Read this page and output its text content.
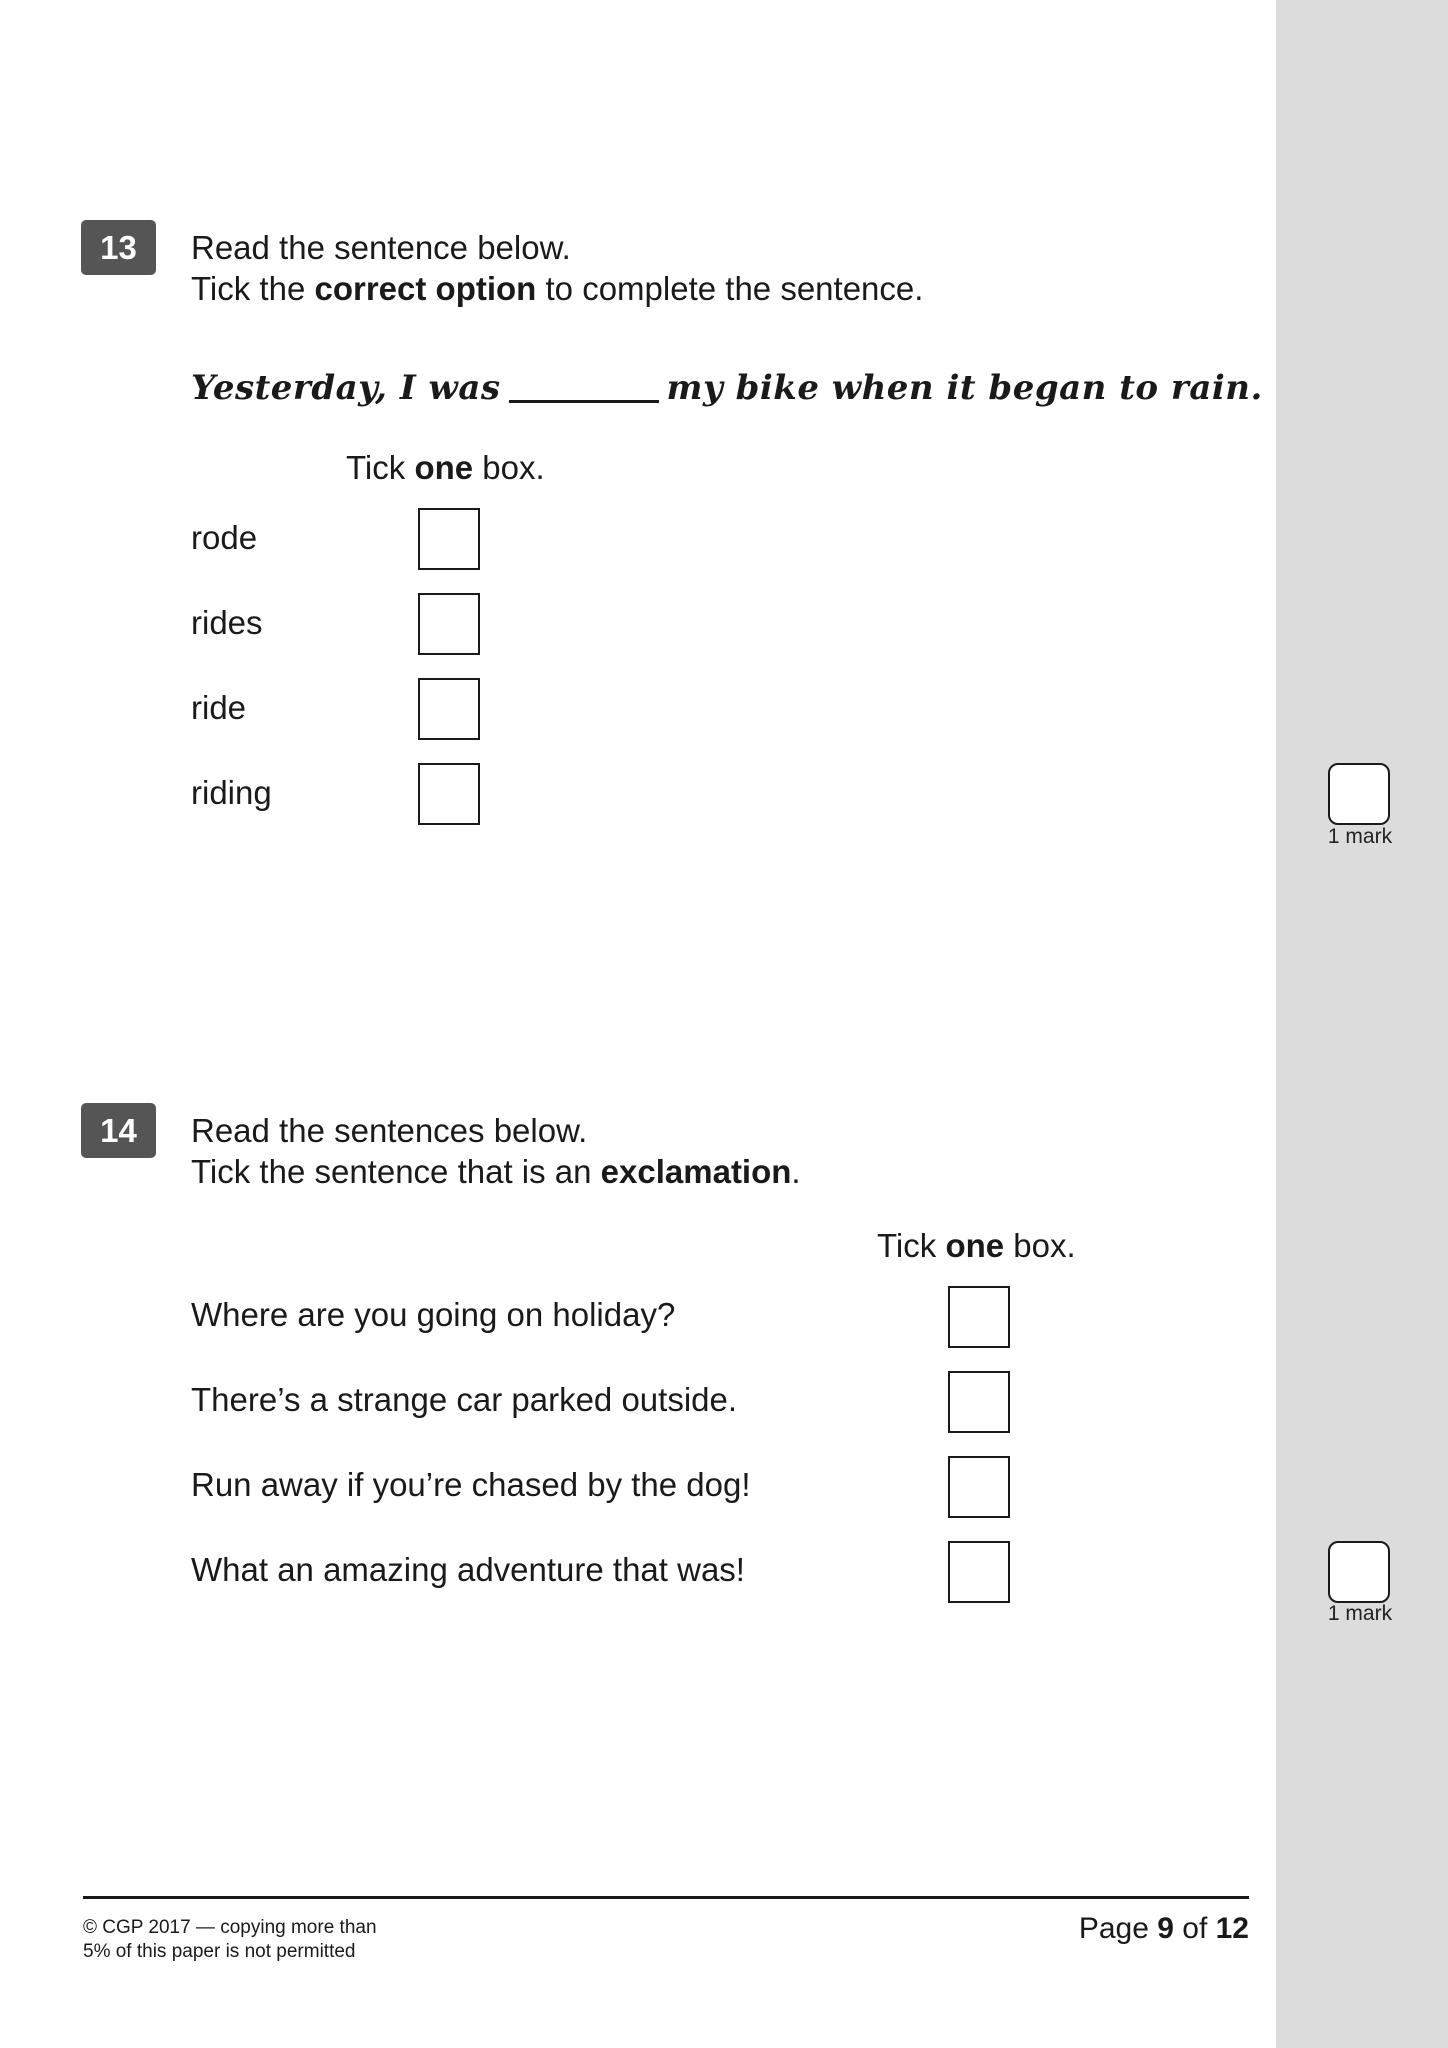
13	Read the sentence below.
Tick the correct option to complete the sentence.
Yesterday, I was	my bike when it began to rain.
Tick one box.
rode
rides
ride
riding
1 mark
14	Read the sentences below.
Tick the sentence that is an exclamation.
Tick one box.
Where are you going on holiday?
There’s a strange car parked outside.
Run away if you’re chased by the dog!
What an amazing adventure that was!
1 mark
© CGP 2017 — copying more than
5% of this paper is not permitted
Page 9 of 12
